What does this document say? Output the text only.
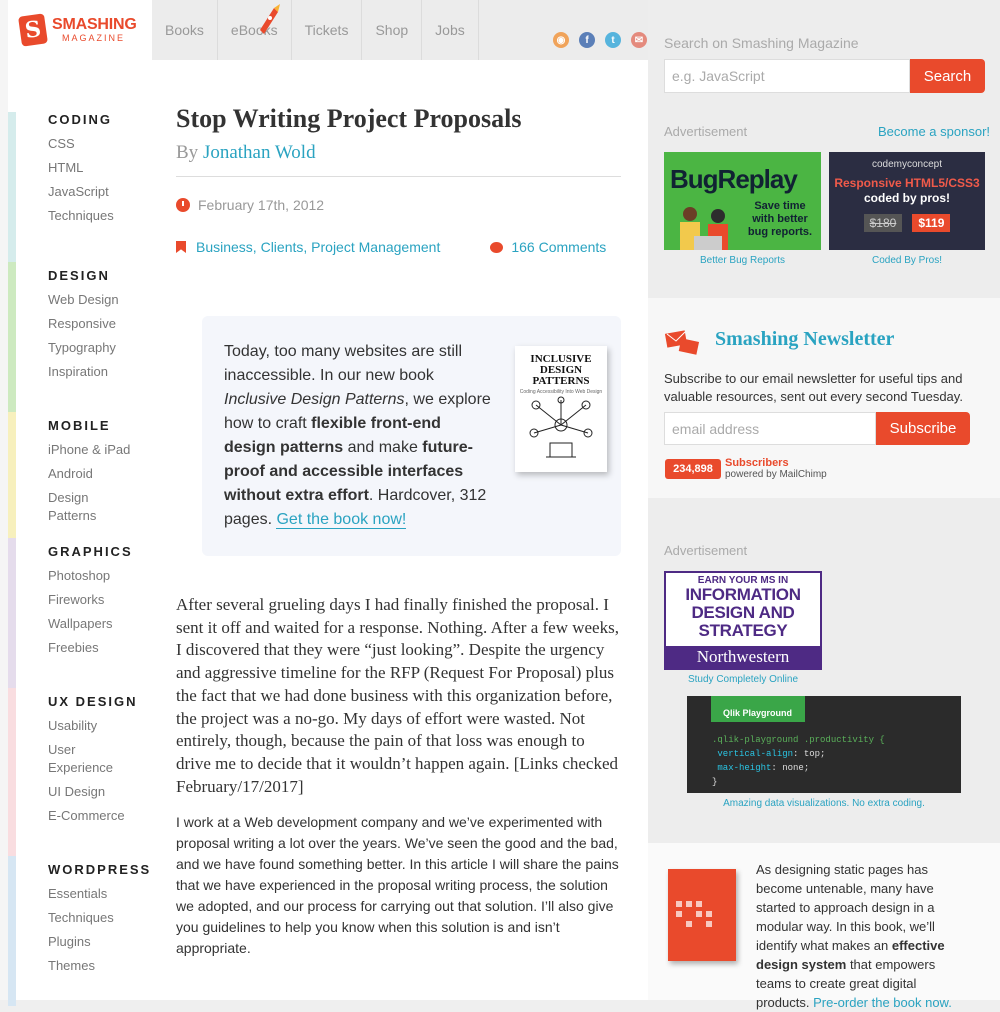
S SMASHING
MAGAZINE	Books	eBooks	Tickets	Shop	Jobs
◉	f	t	✉
CODING
CSS
HTML
JavaScript
Techniques
DESIGN
Web Design
Responsive
Typography
Inspiration
MOBILE
iPhone & iPad
Android
Design Patterns
GRAPHICS
Photoshop
Fireworks
Wallpapers
Freebies
UX DESIGN
Usability
User Experience
UI Design
E-Commerce
WORDPRESS
Essentials
Techniques
Plugins
Themes
Stop Writing Project Proposals
By Jonathan Wold
February 17th, 2012
Business, Clients, Project Management	166 Comments

Today, too many websites are still inaccessible. In our new book Inclusive Design Patterns, we explore how to craft flexible front-end design patterns and make future-proof and accessible interfaces without extra effort. Hardcover, 312 pages. Get the book now!

INCLUSIVE DESIGN PATTERNS
Coding Accessibility Into Web Design

After several grueling days I had finally finished the proposal. I sent it off and waited for a response. Nothing. After a few weeks, I discovered that they were “just looking”. Despite the urgency and aggressive timeline for the RFP (Request For Proposal) plus the fact that we had done business with this organization before, the project was a no-go. My days of effort were wasted. Not entirely, though, because the pain of that loss was enough to drive me to decide that it wouldn’t happen again. [Links checked February/17/2017]

I work at a Web development company and we’ve experimented with proposal writing a lot over the years. We’ve seen the good and the bad, and we have found something better. In this article I will share the pains that we have experienced in the proposal writing process, the solution we adopted, and our process for carrying out that solution. I’ll also give you guidelines to help you know when this solution is and isn’t appropriate.

Search on Smashing Magazine
e.g. JavaScript	Search
Advertisement	Become a sponsor!
BugReplay
Save time with better bug reports.
Better Bug Reports
codemyconcept
Responsive HTML5/CSS3
coded by pros!
$180	$119
Coded By Pros!
Smashing Newsletter
Subscribe to our email newsletter for useful tips and valuable resources, sent out every second Tuesday.
email address	Subscribe
234,898	Subscribers
powered by MailChimp
Advertisement
EARN YOUR MS IN
INFORMATION DESIGN AND STRATEGY
Northwestern
Study Completely Online
Qlik Playground
.qlik-playground .productivity {
vertical-align: top;
max-height: none;
}
Amazing data visualizations. No extra coding.
As designing static pages has become untenable, many have started to approach design in a modular way. In this book, we’ll identify what makes an effective design system that empowers teams to create great digital products. Pre-order the book now.
